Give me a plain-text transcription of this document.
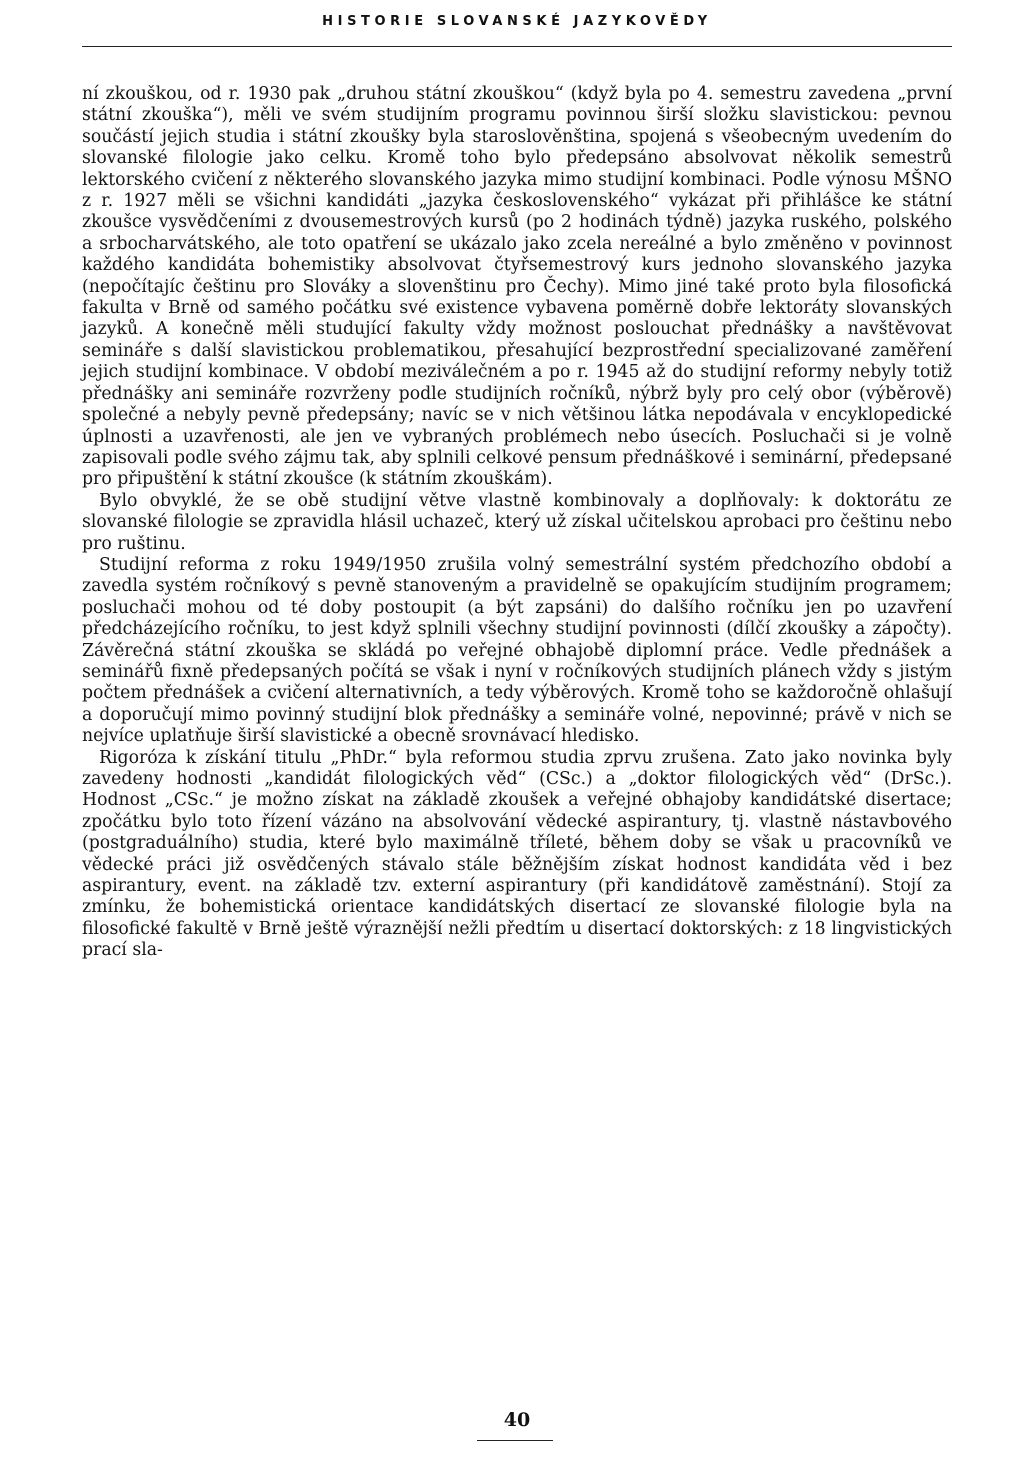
HISTORIE SLOVANSKÉ JAZYKOVĚDY

ní zkouškou, od r. 1930 pak „druhou státní zkouškou“ (když byla po 4. semestru zavedena „první státní zkouška“), měli ve svém studijním programu povinnou širší složku slavistickou: pevnou součástí jejich studia i státní zkoušky byla staroslověnština, spojená s všeobecným uvedením do slovanské filologie jako celku. Kromě toho bylo předepsáno absolvovat několik semestrů lektorského cvičení z některého slovanského jazyka mimo studijní kombinaci. Podle výnosu MŠNO z r. 1927 měli se všichni kandidáti „jazyka československého“ vykázat při přihlášce ke státní zkoušce vysvědčeními z dvousemestrových kursů (po 2 hodinách týdně) jazyka ruského, polského a srbocharvátského, ale toto opatření se ukázalo jako zcela nereálné a bylo změněno v povinnost každého kandidáta bohemistiky absolvovat čtyřsemestrový kurs jednoho slovanského jazyka (nepočítajíc češtinu pro Slováky a slovenštinu pro Čechy). Mimo jiné také proto byla filosofická fakulta v Brně od samého počátku své existence vybavena poměrně dobře lektoráty slovanských jazyků. A konečně měli studující fakulty vždy možnost poslouchat přednášky a navštěvovat semináře s další slavistickou problematikou, přesahující bezprostřední specializované zaměření jejich studijní kombinace. V období meziválečném a po r. 1945 až do studijní reformy nebyly totiž přednášky ani semináře rozvrženy podle studijních ročníků, nýbrž byly pro celý obor (výběrově) společné a nebyly pevně předepsány; navíc se v nich většinou látka nepodávala v encyklopedické úplnosti a uzavřenosti, ale jen ve vybraných problémech nebo úsecích. Posluchači si je volně zapisovali podle svého zájmu tak, aby splnili celkové pensum přednáškové i seminární, předepsané pro připuštění k státní zkoušce (k státním zkouškám).

Bylo obvyklé, že se obě studijní větve vlastně kombinovaly a doplňovaly: k doktorátu ze slovanské filologie se zpravidla hlásil uchazeč, který už získal učitelskou aprobaci pro češtinu nebo pro ruštinu.

Studijní reforma z roku 1949/1950 zrušila volný semestrální systém předchozího období a zavedla systém ročníkový s pevně stanoveným a pravidelně se opakujícím studijním programem; posluchači mohou od té doby postoupit (a být zapsáni) do dalšího ročníku jen po uzavření předcházejícího ročníku, to jest když splnili všechny studijní povinnosti (dílčí zkoušky a zápočty). Závěrečná státní zkouška se skládá po veřejné obhajobě diplomní práce. Vedle přednášek a seminářů fixně předepsaných počítá se však i nyní v ročníkových studijních plánech vždy s jistým počtem přednášek a cvičení alternativních, a tedy výběrových. Kromě toho se každoročně ohlašují a doporučují mimo povinný studijní blok přednášky a semináře volné, nepovinné; právě v nich se nejvíce uplatňuje širší slavistické a obecně srovnávací hledisko.

Rigoróza k získání titulu „PhDr.“ byla reformou studia zprvu zrušena. Zato jako novinka byly zavedeny hodnosti „kandidát filologických věd“ (CSc.) a „doktor filologických věd“ (DrSc.). Hodnost „CSc.“ je možno získat na základě zkoušek a veřejné obhajoby kandidátské disertace; zpočátku bylo toto řízení vázáno na absolvování vědecké aspirantury, tj. vlastně nástavbového (postgraduálního) studia, které bylo maximálně tříleté, během doby se však u pracovníků ve vědecké práci již osvědčených stávalo stále běžnějším získat hodnost kandidáta věd i bez aspirantury, event. na základě tzv. externí aspirantury (při kandidátově zaměstnání). Stojí za zmínku, že bohemistická orientace kandidátských disertací ze slovanské filologie byla na filosofické fakultě v Brně ještě výraznější nežli předtím u disertací doktorských: z 18 lingvistických prací sla-

40
